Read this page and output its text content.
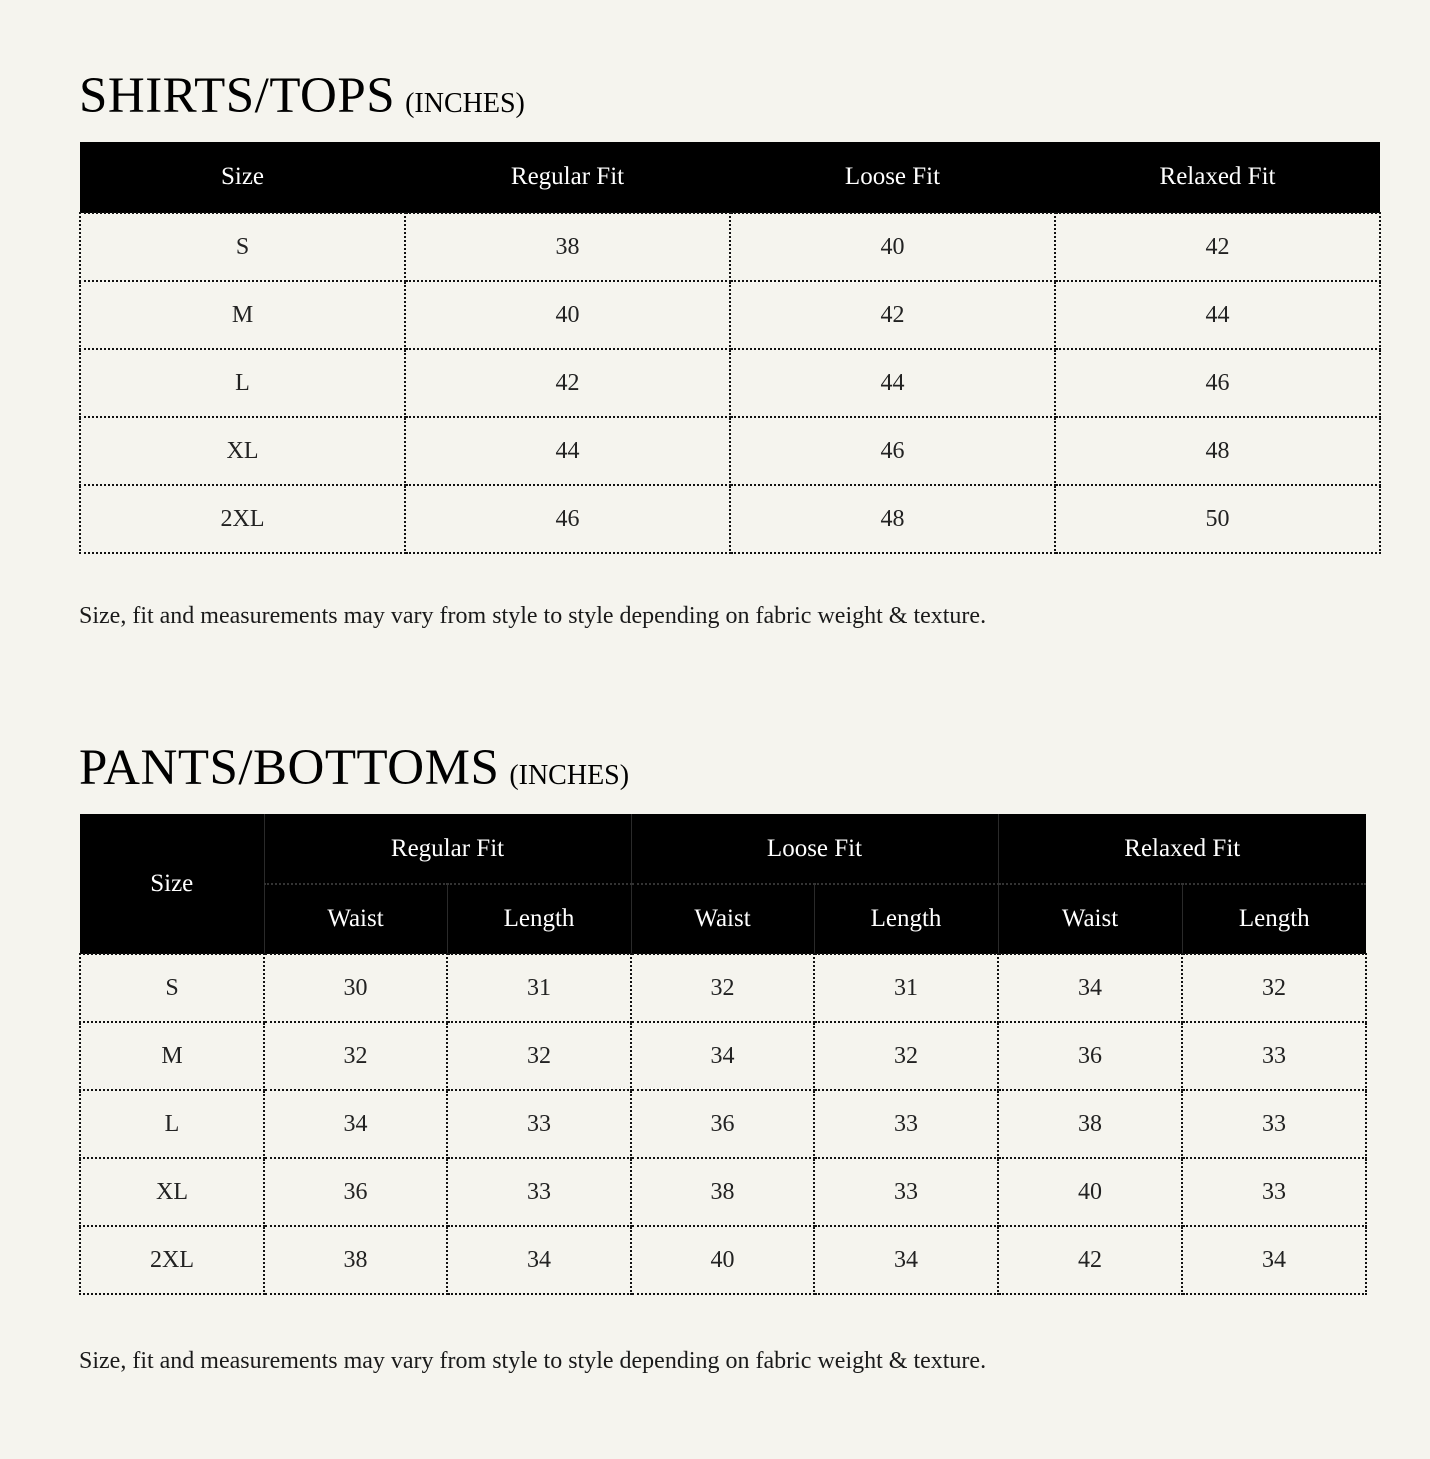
SHIRTS/TOPS (INCHES)
Size	Regular Fit	Loose Fit	Relaxed Fit
S	38	40	42
M	40	42	44
L	42	44	46
XL	44	46	48
2XL	46	48	50

Size, fit and measurements may vary from style to style depending on fabric weight & texture.

PANTS/BOTTOMS (INCHES)
Size	Regular Fit		Loose Fit		Relaxed Fit	
	Waist	Length	Waist	Length	Waist	Length
S	30	31	32	31	34	32
M	32	32	34	32	36	33
L	34	33	36	33	38	33
XL	36	33	38	33	40	33
2XL	38	34	40	34	42	34

Size, fit and measurements may vary from style to style depending on fabric weight & texture.
